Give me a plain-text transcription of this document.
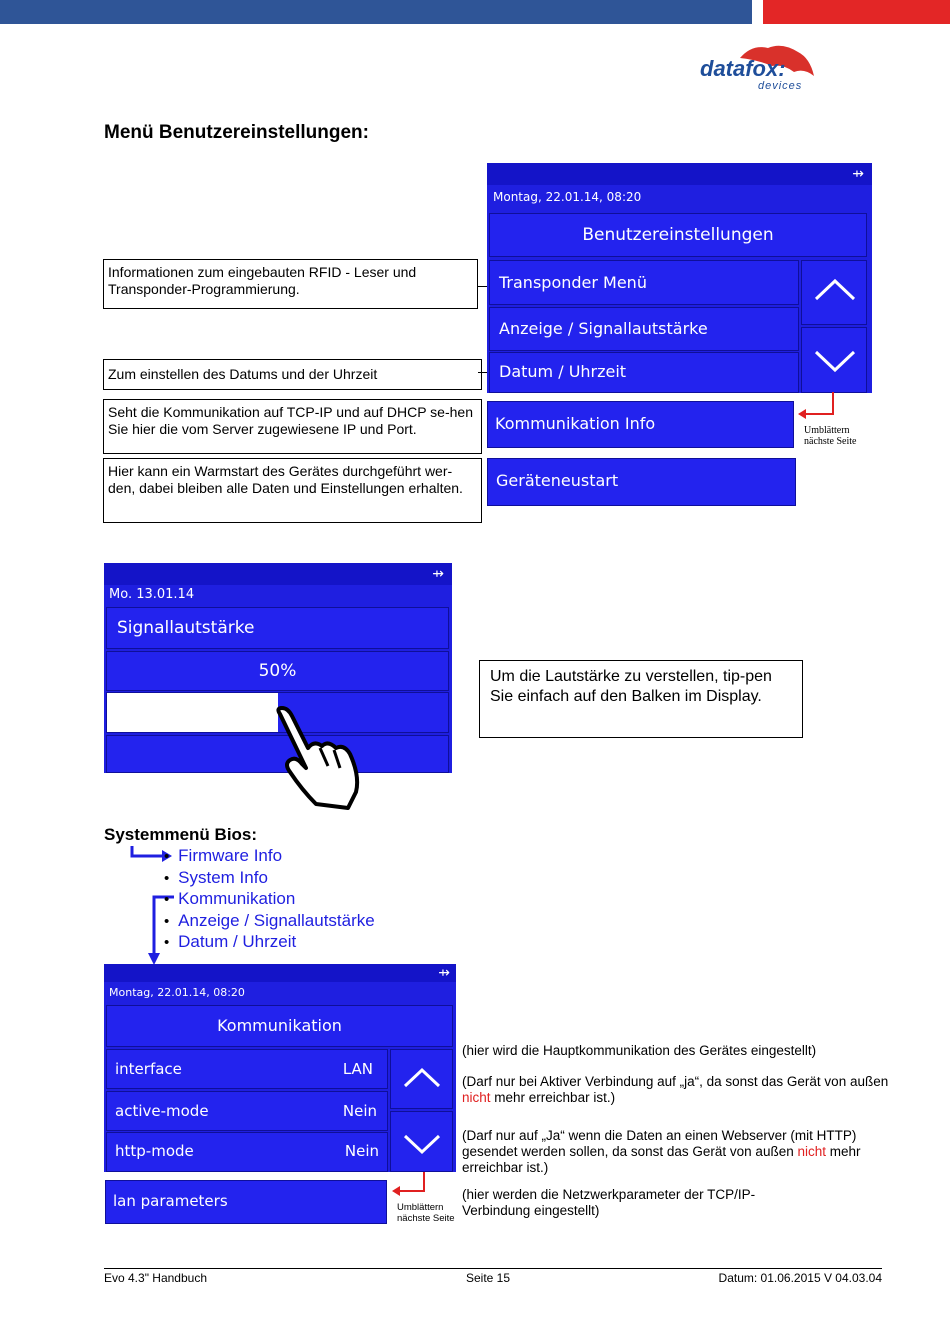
datafox:
devices
Menü Benutzereinstellungen:
Informationen zum eingebauten RFID - Leser und Transponder-Programmierung.
Zum einstellen des Datums und der Uhrzeit
Seht die Kommunikation auf TCP-IP und auf DHCP se-hen Sie hier die vom Server zugewiesene IP und Port.
Hier kann ein Warmstart des Gerätes durchgeführt wer-den, dabei bleiben alle Daten und Einstellungen erhalten.
⇸
Montag, 22.01.14, 08:20
Benutzereinstellungen
Transponder Menü
Anzeige / Signallautstärke
Datum / Uhrzeit
Kommunikation Info
Geräteneustart
Umblättern
nächste Seite
⇸
Mo. 13.01.14
Signallautstärke
50%	Um die Lautstärke zu verstellen, tip-pen Sie einfach auf den Balken im Display.
Systemmenü Bios:
• Firmware Info
• System Info
• Kommunikation
• Anzeige / Signallautstärke
• Datum / Uhrzeit
⇸
Montag, 22.01.14, 08:20
Kommunikation
interface	LAN
active-mode	Nein
http-mode	Nein
lan parameters	Umblättern
nächste Seite
(hier wird die Hauptkommunikation des Gerätes eingestellt)
(Darf nur bei Aktiver Verbindung auf „ja“, da sonst das Gerät von außen nicht mehr erreichbar ist.)
(Darf nur auf „Ja“ wenn die Daten an einen Webserver (mit HTTP) gesendet werden sollen, da sonst das Gerät von außen nicht mehr erreichbar ist.)
(hier werden die Netzwerkparameter der TCP/IP-Verbindung eingestellt)
Evo 4.3" Handbuch	Seite 15	Datum: 01.06.2015 V 04.03.04
